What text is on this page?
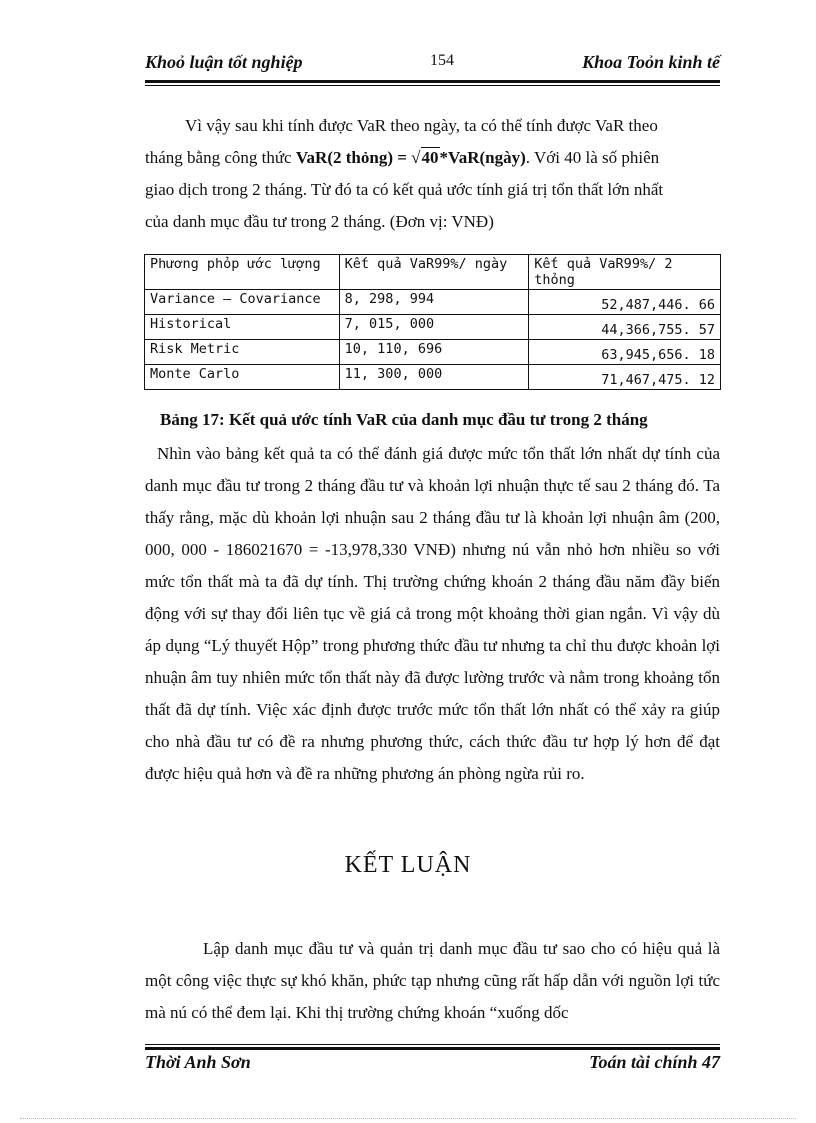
Khoỏ luận tốt nghiệp	154	Khoa Toỏn kinh tế

Vì vậy sau khi tính được VaR theo ngày, ta có thể tính được VaR theo

tháng bằng công thức VaR(2 thỏng) = √40*VaR(ngày). Với 40 là số phiên

giao dịch trong 2 tháng. Từ đó ta có kết quả ước tính giá trị tổn thất lớn nhất

của danh mục đầu tư trong 2 tháng. (Đơn vị: VNĐ)

Phương phỏp ước lượng	Kết quả VaR99%/ ngày	Kết quả VaR99%/ 2 thỏng
Variance – Covariance	8, 298, 994	52,487,446. 66
Historical	7, 015, 000	44,366,755. 57
Risk Metric	10, 110, 696	63,945,656. 18
Monte Carlo	11, 300, 000	71,467,475. 12
Bảng 17: Kết quả ước tính VaR của danh mục đầu tư trong 2 tháng

Nhìn vào bảng kết quả ta có thể đánh giá được mức tổn thất lớn nhất dự tính của danh mục đầu tư trong 2 tháng đầu tư và khoản lợi nhuận thực tế sau 2 tháng đó. Ta thấy rằng, mặc dù khoản lợi nhuận sau 2 tháng đầu tư là khoản lợi nhuận âm (200, 000, 000 - 186021670 = -13,978,330 VNĐ) nhưng nú vẫn nhỏ hơn nhiều so với mức tổn thất mà ta đã dự tính. Thị trường chứng khoán 2 tháng đầu năm đầy biến động với sự thay đổi liên tục về giá cả trong một khoảng thời gian ngắn. Vì vậy dù áp dụng “Lý thuyết Hộp” trong phương thức đầu tư nhưng ta chỉ thu được khoản lợi nhuận âm tuy nhiên mức tổn thất này đã được lường trước và nằm trong khoảng tổn thất đã dự tính. Việc xác định được trước mức tổn thất lớn nhất có thể xảy ra giúp cho nhà đầu tư có đề ra nhưng phương thức, cách thức đầu tư hợp lý hơn để đạt được hiệu quả hơn và đề ra những phương án phòng ngừa rủi ro.

KẾT LUẬN

Lập danh mục đầu tư và quản trị danh mục đầu tư sao cho có hiệu quả là một công việc thực sự khó khăn, phức tạp nhưng cũng rất hấp dẫn với nguồn lợi tức mà nú có thể đem lại. Khi thị trường chứng khoán “xuống dốc

Thời Anh Sơn	Toán tài chính 47
